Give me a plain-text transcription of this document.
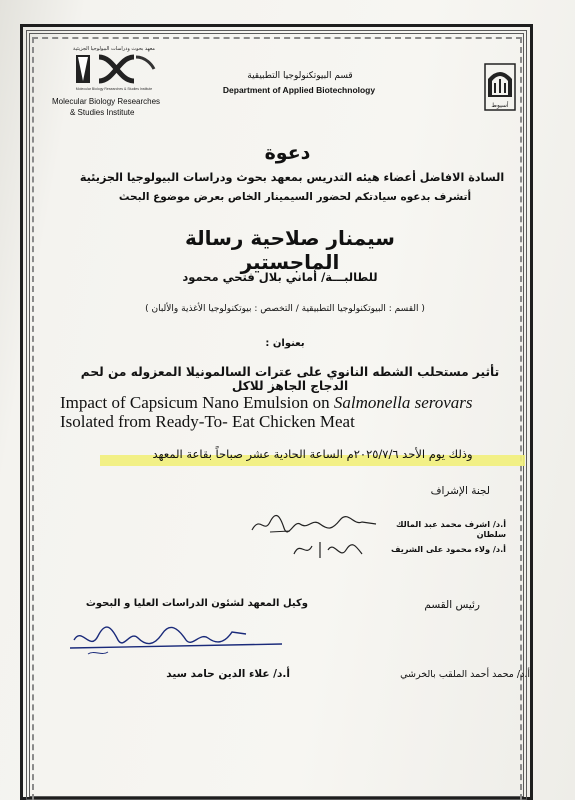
معهد بحوث ودراسات البيولوجيا الجزيئية
Molecular Biology Researches & Studies Institute
Molecular Biology Researches
& Studies Institute
قسم البيوتكنولوجيا التطبيقية
Department of Applied Biotechnology
أسيوط
دعوة
السادة الافاضل أعضاء هيئه التدريس بمعهد بحوث ودراسات البيولوجيا الجزيئية
أتشرف بدعوه سيادتكم لحضور السيمينار الخاص بعرض موضوع البحث
سيمنار صلاحية رسالة الماجستير
للطالبـــة/ أماني بلال فتحي محمود
( القسم : البيوتكنولوجيا التطبيقية / التخصص : بيوتكنولوجيا الأغذية والألبان )
بعنوان :
تأثير مستحلب الشطه النانوي على عترات السالمونيلا المعزوله من لحم الدجاج الجاهز للاكل
Impact of Capsicum Nano Emulsion on Salmonella serovars Isolated from Ready-To- Eat Chicken Meat
وذلك يوم الأحد ٢٠٢٥/٧/٦م الساعة الحادية عشر صباحاً بقاعة المعهد
لجنة الإشراف
أ.د/ اشرف محمد عبد المالك سلطان
أ.د/ ولاء محمود على الشريف
رئيس القسم
وكيل المعهد لشئون الدراسات العليا و البحوث
أ.د/ محمد أحمد الملقب بالخرشي
أ.د/ علاء الدين حامد سيد
